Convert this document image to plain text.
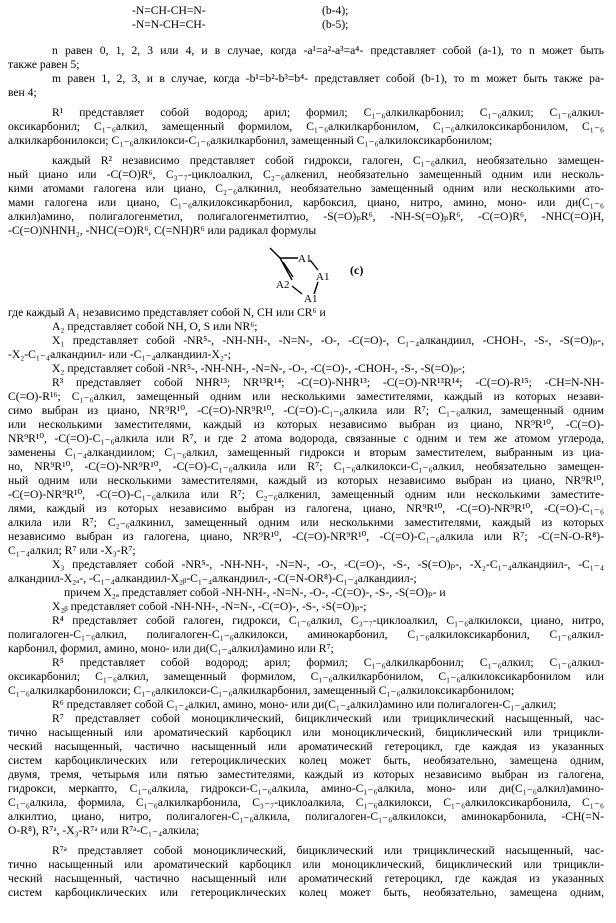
-N=CH-CH=N-	(b-4);
-N=N-CH=CH-	(b-5);
n равен 0, 1, 2, 3 или 4, и в случае, когда -a¹=a²-a³=a⁴- представляет собой (a-1), то n может быть
также равен 5;
m равен 1, 2, 3, и в случае, когда -b¹=b²-b³=b⁴- представляет собой (b-1), то m может быть также ра-
вен 4;
R¹ представляет собой водород; арил; формил; C₁₋₆алкилкарбонил; C₁₋₆алкил; C₁₋₆алкил-
оксикарбонил; C₁₋₆алкил, замещенный формилом, C₁₋₆алкилкарбонилом, C₁₋₆алкилоксикарбонилом, C₁₋₆
алкилкарбонилокси; C₁₋₆алкилокси-C₁₋₆алкилкарбонил, замещенный C₁₋₆алкилоксикарбонилом;
каждый R² независимо представляет собой гидрокси, галоген, C₁₋₆алкил, необязательно замещен-
ный циано или -C(=O)R⁶, C₃₋₇-циклоалкил, C₂₋₆алкенил, необязательно замещенный одним или несколь-
кими атомами галогена или циано, C₂₋₆алкинил, необязательно замещенный одним или несколькими ато-
мами галогена или циано, C₁₋₆алкилоксикарбонил, карбоксил, циано, нитро, амино, моно- или ди(C₁₋₆
алкил)амино, полигалогенметил, полигалогенметилтио, -S(=O)ₚR⁶, -NH-S(=O)ₚR⁶, -C(=O)R⁶, -NHC(=O)H,
-C(=O)NHNH₂, -NHC(=O)R⁶, C(=NH)R⁶ или радикал формулы
где каждый A₁ независимо представляет собой N, CH или CR⁶ и
A₂ представляет собой NH, O, S или NR⁶;
X₁ представляет собой -NR⁵-, -NH-NH-, -N=N-, -O-, -C(=O)-, C₁₋₄алкандиил, -CHOH-, -S-, -S(=O)ₚ-,
-X₂-C₁₋₄алкандиил- или -C₁₋₄алкандиил-X₂-;
X₂ представляет собой -NR⁵-, -NH-NH-, -N=N-, -O-, -C(=O)-, -CHOH-, -S-, -S(=O)ₚ-;
R³ представляет собой NHR¹³; NR¹³R¹⁴; -C(=O)-NHR¹³; -C(=O)-NR¹³R¹⁴; -C(=O)-R¹⁵; -CH=N-NH-
C(=O)-R¹⁶; C₁₋₆алкил, замещенный одним или несколькими заместителями, каждый из которых незави-
симо выбран из циано, NR⁹R¹⁰, -C(=O)-NR⁹R¹⁰, -C(=O)-C₁₋₆алкила или R⁷; C₁₋₆алкил, замещенный одним
или несколькими заместителями, каждый из которых независимо выбран из циано, NR⁹R¹⁰, -C(=O)-
NR⁹R¹⁰, -C(=O)-C₁₋₆алкила или R⁷, и где 2 атома водорода, связанные с одним и тем же атомом углерода,
заменены C₁₋₄алкандиилом; C₁₋₆алкил, замещенный гидрокси и вторым заместителем, выбранным из циа-
но, NR⁹R¹⁰, -C(=O)-NR⁹R¹⁰, -C(=O)-C₁₋₆алкила или R⁷; C₁₋₆алкилокси-C₁₋₆алкил, необязательно замещен-
ный одним или несколькими заместителями, каждый из которых независимо выбран из циано, NR⁹R¹⁰,
-C(=O)-NR⁹R¹⁰, -C(=O)-C₁₋₆алкила или R⁷; C₂₋₆алкенил, замещенный одним или несколькими заместите-
лями, каждый из которых независимо выбран из галогена, циано, NR⁹R¹⁰, -C(=O)-NR⁹R¹⁰, -C(=O)-C₁₋₆
алкила или R⁷; C₂₋₆алкинил, замещенный одним или несколькими заместителями, каждый из которых
независимо выбран из галогена, циано, NR⁹R¹⁰, -C(=O)-NR⁹R¹⁰, -C(=O)-C₁₋₆алкила или R⁷; -C(=N-O-R⁸)-
C₁₋₄алкил; R⁷ или -X₃-R⁷;
X₃ представляет собой -NR⁵-, -NH-NH-, -N=N-, -O-, -C(=O)-, -S-, -S(=O)ₚ-, -X₂-C₁₋₄алкандиил-, -C₁₋₄
алкандиил-X₂ₐ-, -C₁₋₄алкандиил-X₂ᵦ-C₁₋₄алкандиил-, -C(=N-OR⁸)-C₁₋₄алкандиил-;
причем X₂ₐ представляет собой -NH-NH-, -N=N-, -O-, -C(=O)-, -S-, -S(=O)ₚ- и
X₂ᵦ представляет собой -NH-NH-, -N=N-, -C(=O)-, -S-, -S(=O)ₚ-;
R⁴ представляет собой галоген, гидрокси, C₁₋₆алкил, C₃₋₇-циклоалкил, C₁₋₆алкилокси, циано, нитро,
полигалоген-C₁₋₆алкил, полигалоген-C₁₋₆алкилокси, аминокарбонил, C₁₋₆алкилоксикарбонил, C₁₋₆алкил-
карбонил, формил, амино, моно- или ди(C₁₋₄алкил)амино или R⁷;
R⁵ представляет собой водород; арил; формил; C₁₋₆алкилкарбонил; C₁₋₆алкил; C₁₋₆алкил-
оксикарбонил; C₁₋₆алкил, замещенный формилом, C₁₋₆алкилкарбонилом, C₁₋₆алкилоксикарбонилом или
C₁₋₆алкилкарбонилокси; C₁₋₆алкилокси-C₁₋₆алкилкарбонил, замещенный C₁₋₆алкилоксикарбонилом;
R⁶ представляет собой C₁₋₄алкил, амино, моно- или ди(C₁₋₄алкил)амино или полигалоген-C₁₋₄алкил;
R⁷ представляет собой моноциклический, бициклический или трициклический насыщенный, час-
тично насыщенный или ароматический карбоцикл или моноциклический, бициклический или трицикли-
ческий насыщенный, частично насыщенный или ароматический гетероцикл, где каждая из указанных
систем карбоциклических или гетероциклических колец может быть, необязательно, замещена одним,
двумя, тремя, четырьмя или пятью заместителями, каждый из которых независимо выбран из галогена,
гидрокси, меркапто, C₁₋₆алкила, гидрокси-C₁₋₆алкила, амино-C₁₋₆алкила, моно- или ди(C₁₋₆алкил)амино-
C₁₋₆алкила, формила, C₁₋₆алкилкарбонила, C₃₋₇-циклоалкила, C₁₋₆алкилокси, C₁₋₆алкилоксикарбонила, C₁₋₆
алкилтио, циано, нитро, полигалоген-C₁₋₆алкила, полигалоген-C₁₋₆алкилокси, аминокарбонила, -CH(=N-
O-R⁸), R⁷ᵃ, -X₃-R⁷ᵃ или R⁷ᵃ-C₁₋₄алкила;
R⁷ᵃ представляет собой моноциклический, бициклический или трициклический насыщенный, час-
тично насыщенный или ароматический карбоцикл или моноциклический, бициклический или трицикли-
ческий насыщенный, частично насыщенный или ароматический гетероцикл, где каждая из указанных
систем карбоциклических или гетероциклических колец может быть, необязательно, замещена одним,
A1
A1
A1
A2
(c)
